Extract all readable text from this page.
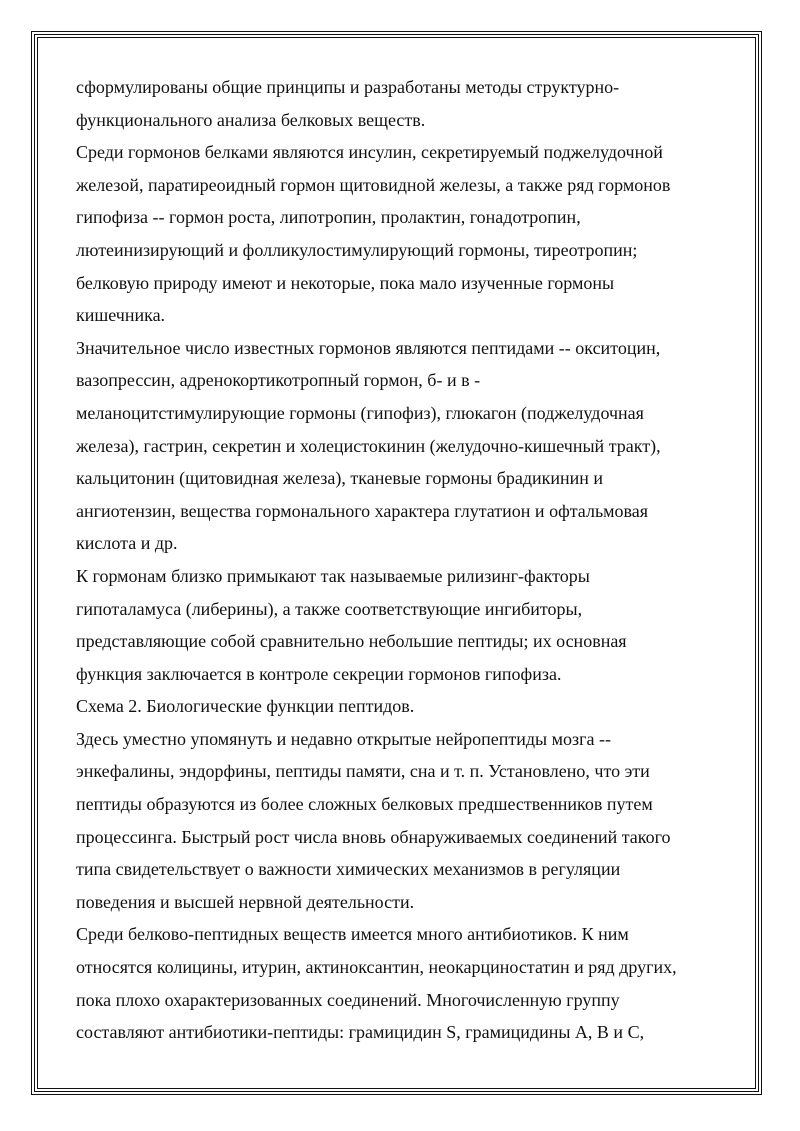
сформулированы общие принципы и разработаны методы структурно-
функционального анализа белковых веществ.
Среди гормонов белками являются инсулин, секретируемый поджелудочной
железой, паратиреоидный гормон щитовидной железы, а также ряд гормонов
гипофиза -- гормон роста, липотропин, пролактин, гонадотропин,
лютеинизирующий и фолликулостимулирующий гормоны, тиреотропин;
белковую природу имеют и некоторые, пока мало изученные гормоны
кишечника.
Значительное число известных гормонов являются пептидами -- окситоцин,
вазопрессин, адренокортикотропный гормон, б- и в -
меланоцитстимулирующие гормоны (гипофиз), глюкагон (поджелудочная
железа), гастрин, секретин и холецистокинин (желудочно-кишечный тракт),
кальцитонин (щитовидная железа), тканевые гормоны брадикинин и
ангиотензин, вещества гормонального характера глутатион и офтальмовая
кислота и др.
К гормонам близко примыкают так называемые рилизинг-факторы
гипоталамуса (либерины), а также соответствующие ингибиторы,
представляющие собой сравнительно небольшие пептиды; их основная
функция заключается в контроле секреции гормонов гипофиза.
Схема 2. Биологические функции пептидов.
Здесь уместно упомянуть и недавно открытые нейропептиды мозга --
энкефалины, эндорфины, пептиды памяти, сна и т. п. Установлено, что эти
пептиды образуются из более сложных белковых предшественников путем
процессинга. Быстрый рост числа вновь обнаруживаемых соединений такого
типа свидетельствует о важности химических механизмов в регуляции
поведения и высшей нервной деятельности.
Среди белково-пептидных веществ имеется много антибиотиков. К ним
относятся колицины, итурин, актиноксантин, неокарциностатин и ряд других,
пока плохо охарактеризованных соединений. Многочисленную группу
составляют антибиотики-пептиды: грамицидин S, грамицидины А, В и С,
